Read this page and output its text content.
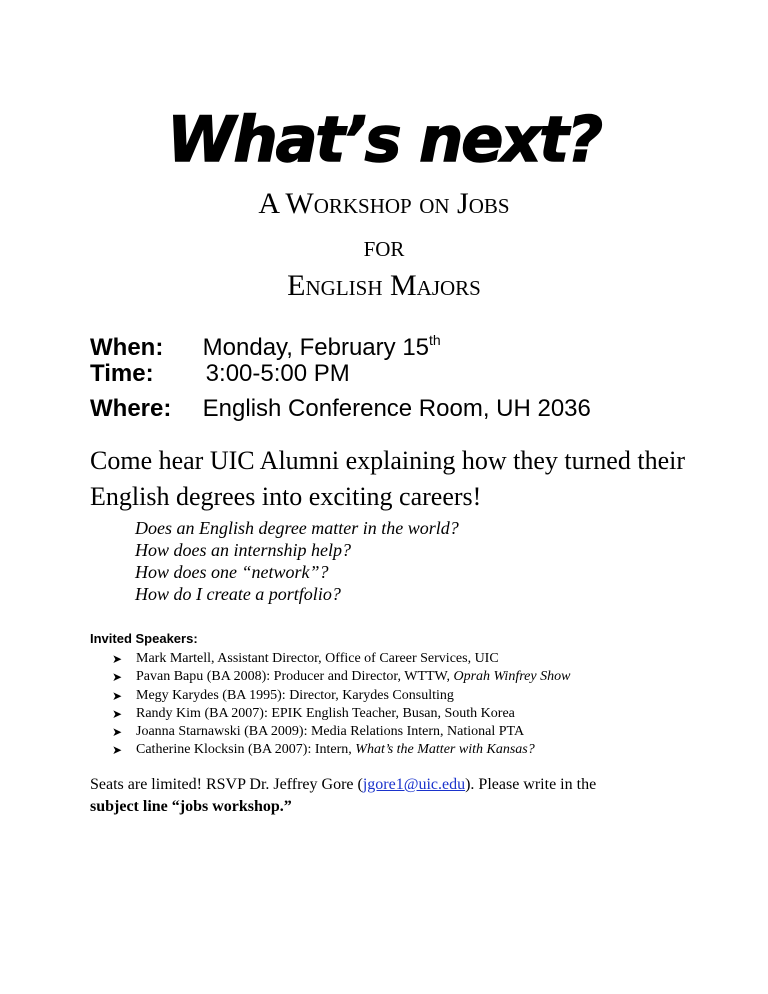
What’s next?
A Workshop on Jobs
for
English Majors
When: Monday, February 15th
Time: 3:00-5:00 PM
Where: English Conference Room, UH 2036
Come hear UIC Alumni explaining how they turned their English degrees into exciting careers!
Does an English degree matter in the world?
How does an internship help?
How does one “network”?
How do I create a portfolio?
Invited Speakers:
➤ Mark Martell, Assistant Director, Office of Career Services, UIC
➤ Pavan Bapu (BA 2008): Producer and Director, WTTW, Oprah Winfrey Show
➤ Megy Karydes (BA 1995): Director, Karydes Consulting
➤ Randy Kim (BA 2007): EPIK English Teacher, Busan, South Korea
➤ Joanna Starnawski (BA 2009): Media Relations Intern, National PTA
➤ Catherine Klocksin (BA 2007): Intern, What’s the Matter with Kansas?
Seats are limited! RSVP Dr. Jeffrey Gore (jgore1@uic.edu). Please write in the
subject line “jobs workshop.”
